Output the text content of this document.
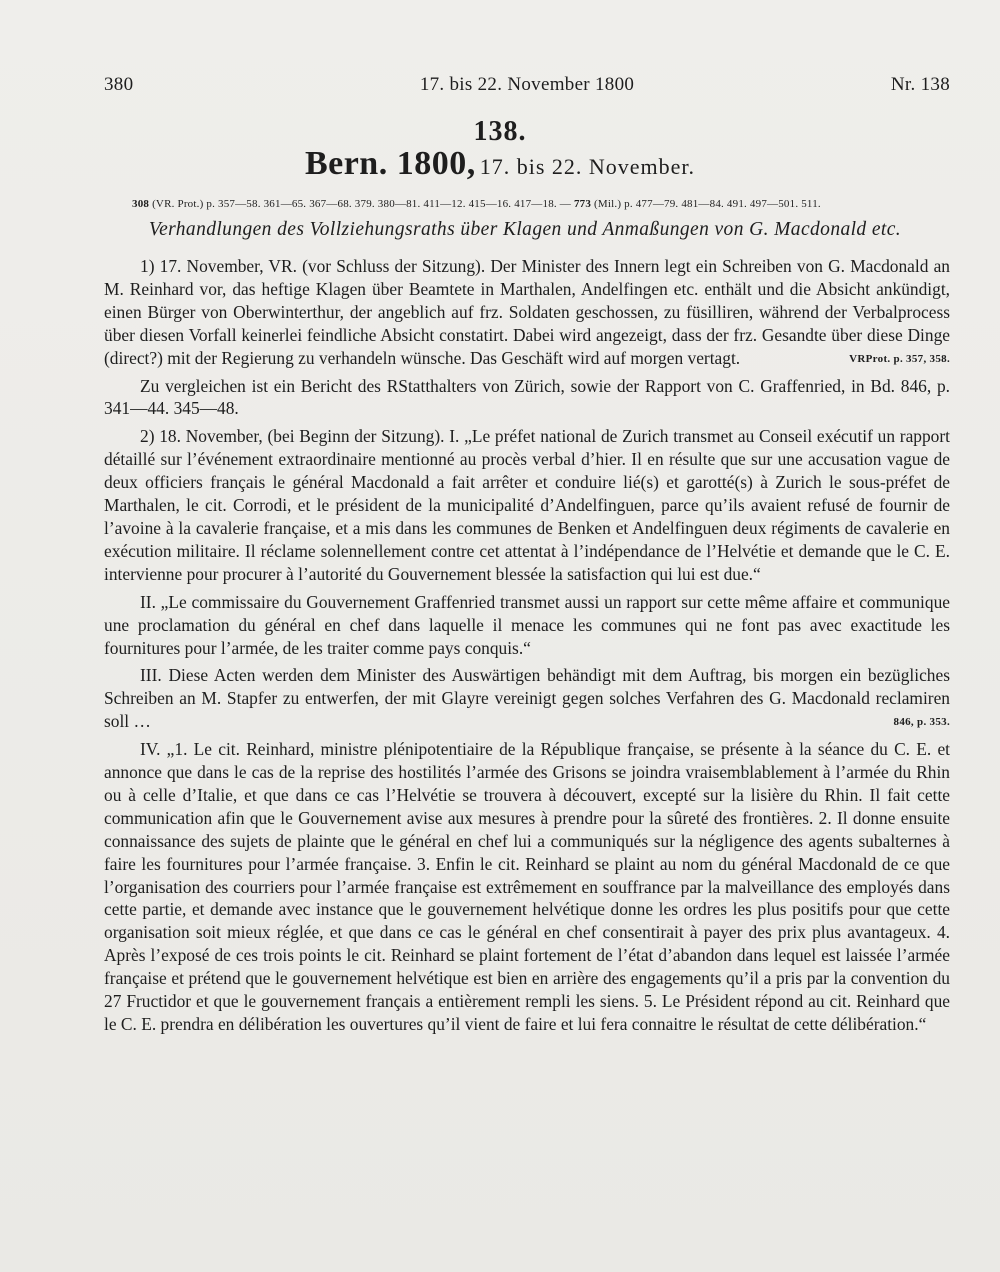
380	17. bis 22. November 1800	Nr. 138
138.
Bern. 1800, 17. bis 22. November.
308 (VR. Prot.) p. 357—58. 361—65. 367—68. 379. 380—81. 411—12. 415—16. 417—18. — 773 (Mil.) p. 477—79. 481—84. 491. 497—501. 511.
Verhandlungen des Vollziehungsraths über Klagen und Anmaßungen von G. Macdonald etc.

1) 17. November, VR. (vor Schluss der Sitzung). Der Minister des Innern legt ein Schreiben von G. Macdonald an M. Reinhard vor, das heftige Klagen über Beamtete in Marthalen, Andelfingen etc. enthält und die Absicht ankündigt, einen Bürger von Oberwinterthur, der angeblich auf frz. Soldaten geschossen, zu füsilliren, während der Verbalprocess über diesen Vorfall keinerlei feindliche Absicht constatirt. Dabei wird angezeigt, dass der frz. Gesandte über diese Dinge (direct?) mit der Regierung zu verhandeln wünsche. Das Geschäft wird auf morgen vertagt.	VRProt. p. 357, 358.

Zu vergleichen ist ein Bericht des RStatthalters von Zürich, sowie der Rapport von C. Graffenried, in Bd. 846, p. 341—44. 345—48.

2) 18. November, (bei Beginn der Sitzung). I. „Le préfet national de Zurich transmet au Conseil exécutif un rapport détaillé sur l’événement extraordinaire mentionné au procès verbal d’hier. Il en résulte que sur une accusation vague de deux officiers français le général Macdonald a fait arrêter et conduire lié(s) et garotté(s) à Zurich le sous-préfet de Marthalen, le cit. Corrodi, et le président de la municipalité d’Andelfinguen, parce qu’ils avaient refusé de fournir de l’avoine à la cavalerie française, et a mis dans les communes de Benken et Andelfinguen deux régiments de cavalerie en exécution militaire. Il réclame solennellement contre cet attentat à l’indépendance de l’Helvétie et demande que le C. E. intervienne pour procurer à l’autorité du Gouvernement blessée la satisfaction qui lui est due.“

II. „Le commissaire du Gouvernement Graffenried transmet aussi un rapport sur cette même affaire et communique une proclamation du général en chef dans laquelle il menace les communes qui ne font pas avec exactitude les fournitures pour l’armée, de les traiter comme pays conquis.“

III. Diese Acten werden dem Minister des Auswärtigen behändigt mit dem Auftrag, bis morgen ein bezügliches Schreiben an M. Stapfer zu entwerfen, der mit Glayre vereinigt gegen solches Verfahren des G. Macdonald reclamiren soll …	846, p. 353.

IV. „1. Le cit. Reinhard, ministre plénipotentiaire de la République française, se présente à la séance du C. E. et annonce que dans le cas de la reprise des hostilités l’armée des Grisons se joindra vraisemblablement à l’armée du Rhin ou à celle d’Italie, et que dans ce cas l’Helvétie se trouvera à découvert, excepté sur la lisière du Rhin. Il fait cette communication afin que le Gouvernement avise aux mesures à prendre pour la sûreté des frontières. 2. Il donne ensuite connaissance des sujets de plainte que le général en chef lui a communiqués sur la négligence des agents subalternes à faire les fournitures pour l’armée française. 3. Enfin le cit. Reinhard se plaint au nom du général Macdonald de ce que l’organisation des courriers pour l’armée française est extrêmement en souffrance par la malveillance des employés dans cette partie, et demande avec instance que le gouvernement helvétique donne les ordres les plus positifs pour que cette organisation soit mieux réglée, et que dans ce cas le général en chef consentirait à payer des prix plus avantageux. 4. Après l’exposé de ces trois points le cit. Reinhard se plaint fortement de l’état d’abandon dans lequel est laissée l’armée française et prétend que le gouvernement helvétique est bien en arrière des engagements qu’il a pris par la convention du 27 Fructidor et que le gouvernement français a entièrement rempli les siens. 5. Le Président répond au cit. Reinhard que le C. E. prendra en délibération les ouvertures qu’il vient de faire et lui fera connaitre le résultat de cette délibération.“
